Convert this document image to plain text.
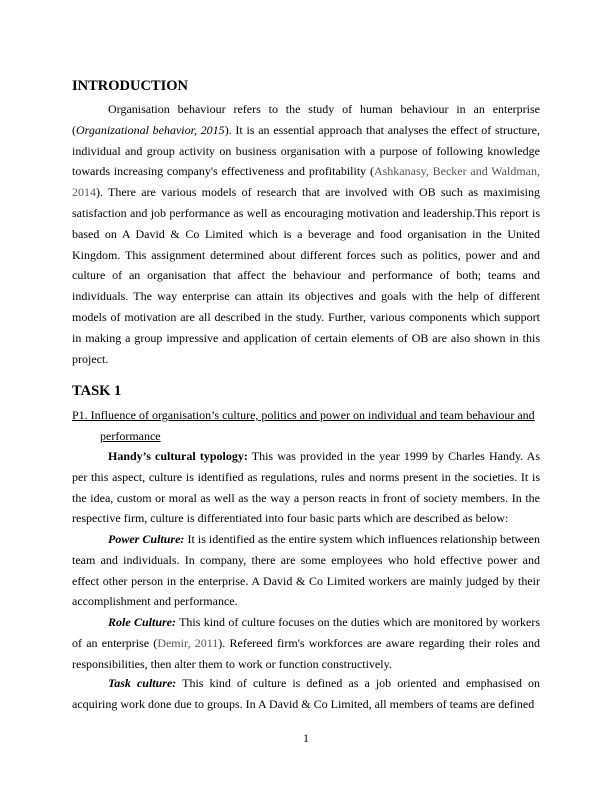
INTRODUCTION

Organisation behaviour refers to the study of human behaviour in an enterprise (Organizational behavior, 2015). It is an essential approach that analyses the effect of structure, individual and group activity on business organisation with a purpose of following knowledge towards increasing company's effectiveness and profitability (Ashkanasy, Becker and Waldman, 2014). There are various models of research that are involved with OB such as maximising satisfaction and job performance as well as encouraging motivation and leadership.This report is based on A David & Co Limited which is a beverage and food organisation in the United Kingdom. This assignment determined about different forces such as politics, power and and culture of an organisation that affect the behaviour and performance of both; teams and individuals. The way enterprise can attain its objectives and goals with the help of different models of motivation are all described in the study. Further, various components which support in making a group impressive and application of certain elements of OB are also shown in this project.

TASK 1

P1. Influence of organisation’s culture, politics and power on individual and team behaviour and performance

Handy’s cultural typology: This was provided in the year 1999 by Charles Handy. As per this aspect, culture is identified as regulations, rules and norms present in the societies. It is the idea, custom or moral as well as the way a person reacts in front of society members. In the respective firm, culture is differentiated into four basic parts which are described as below:

Power Culture: It is identified as the entire system which influences relationship between team and individuals. In company, there are some employees who hold effective power and effect other person in the enterprise. A David & Co Limited workers are mainly judged by their accomplishment and performance.

Role Culture: This kind of culture focuses on the duties which are monitored by workers of an enterprise (Demir, 2011). Refereed firm's workforces are aware regarding their roles and responsibilities, then alter them to work or function constructively.

Task culture: This kind of culture is defined as a job oriented and emphasised on acquiring work done due to groups. In A David & Co Limited, all members of teams are defined

1
